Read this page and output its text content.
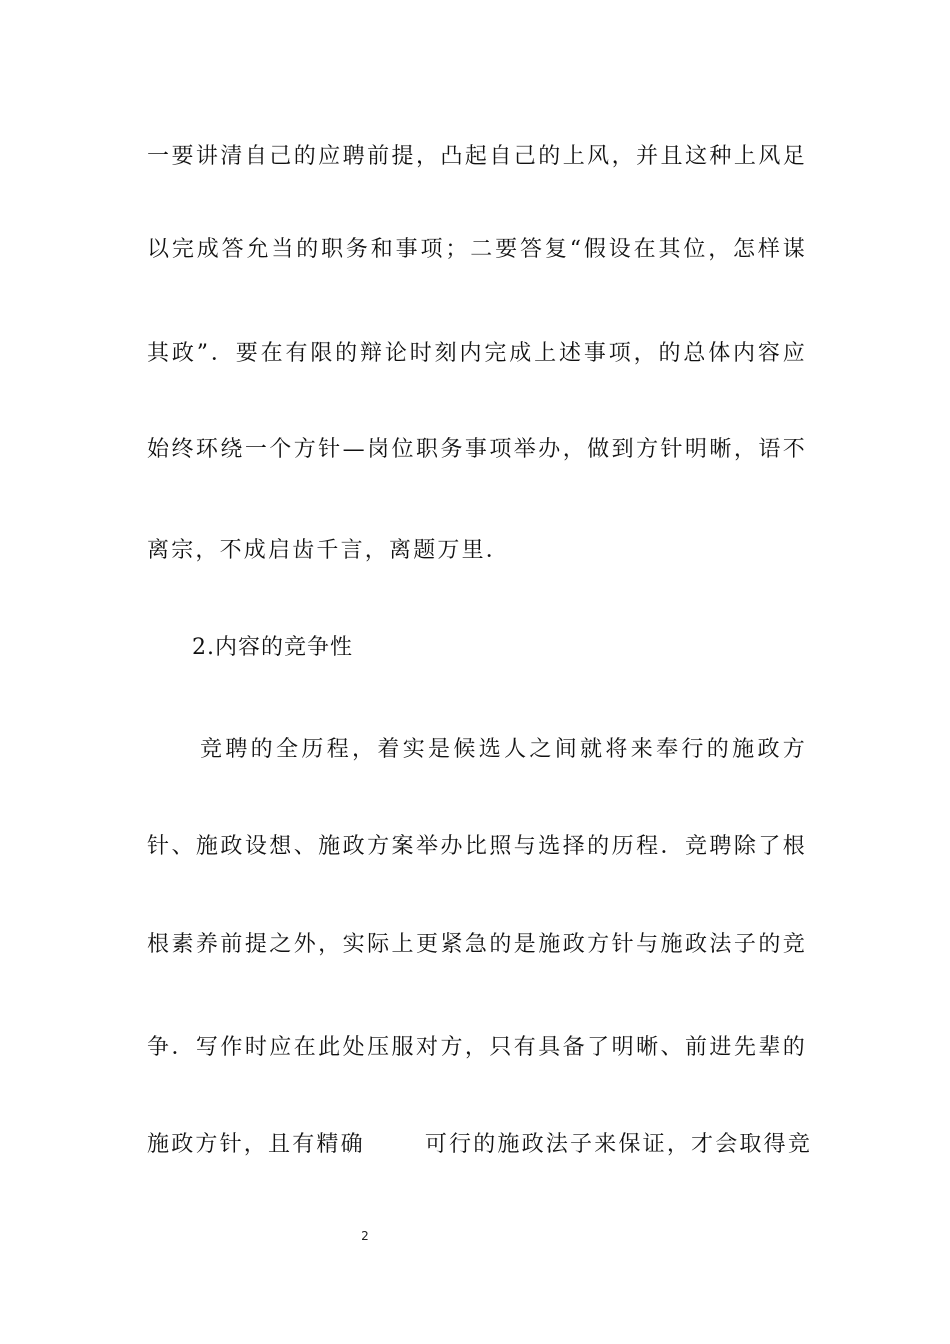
一要讲清自己的应聘前提，凸起自己的上风，并且这种上风足
以完成答允当的职务和事项；二要答复“假设在其位，怎样谋
其政”．要在有限的辩论时刻内完成上述事项，的总体内容应
始终环绕一个方针—岗位职务事项举办，做到方针明晰，语不
离宗，不成启齿千言，离题万里．
2.内容的竞争性
竞聘的全历程，着实是候选人之间就将来奉行的施政方
针、施政设想、施政方案举办比照与选择的历程．竞聘除了根
根素养前提之外，实际上更紧急的是施政方针与施政法子的竞
争．写作时应在此处压服对方，只有具备了明晰、前进先辈的
施政方针，且有精确	可行的施政法子来保证，才会取得竞
2
